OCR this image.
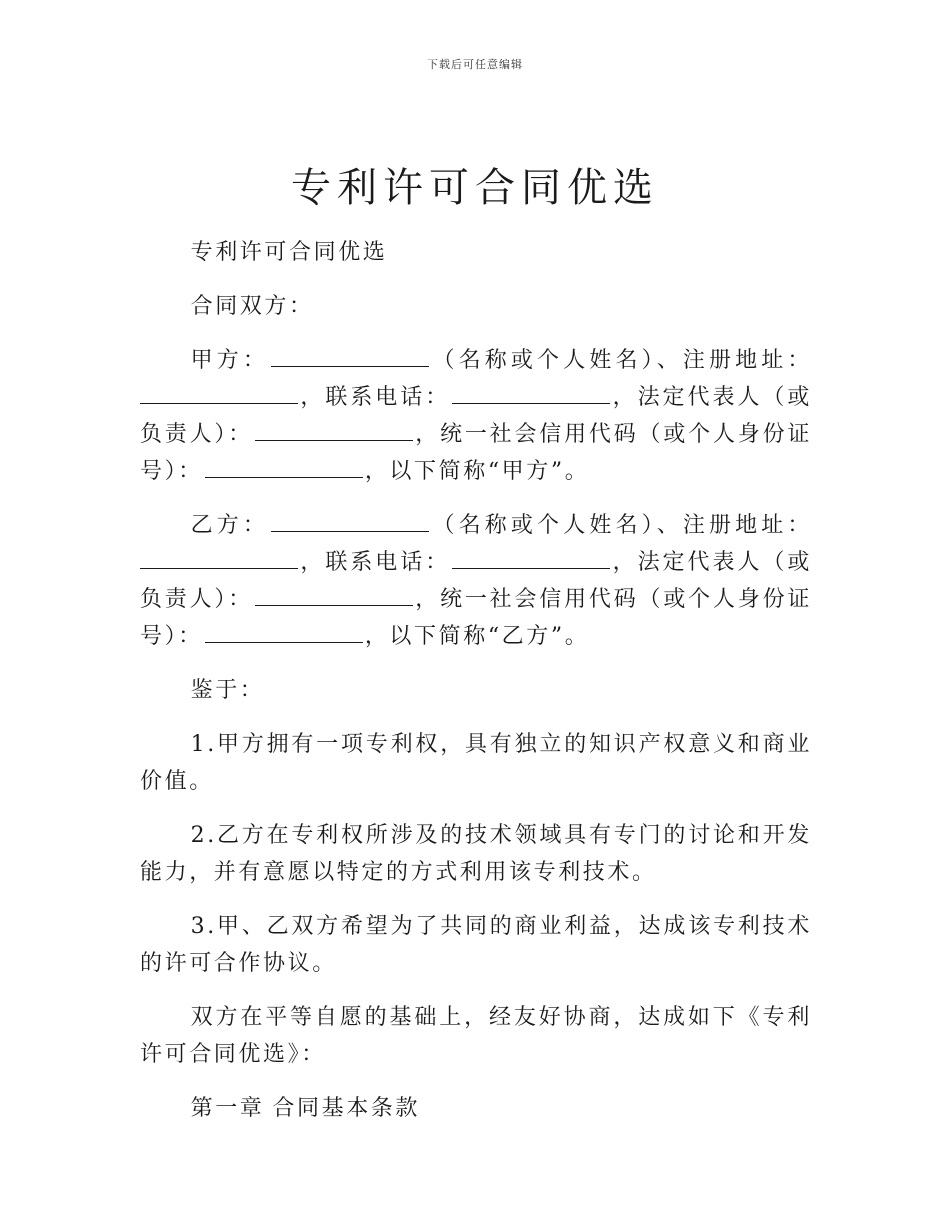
下载后可任意编辑
专利许可合同优选

专利许可合同优选

合同双方：

甲方：	（名称或个人姓名）、注册地址：，联系电话：	，法定代表人（或负责人）：	，统一社会信用代码（或个人身份证号）：	，以下简称“甲方”。

乙方：	（名称或个人姓名）、注册地址：，联系电话：	，法定代表人（或负责人）：	，统一社会信用代码（或个人身份证号）：	，以下简称“乙方”。

鉴于：

1.甲方拥有一项专利权，具有独立的知识产权意义和商业价值。

2.乙方在专利权所涉及的技术领域具有专门的讨论和开发能力，并有意愿以特定的方式利用该专利技术。

3.甲、乙双方希望为了共同的商业利益，达成该专利技术的许可合作协议。

双方在平等自愿的基础上，经友好协商，达成如下《专利许可合同优选》：

第一章 合同基本条款
